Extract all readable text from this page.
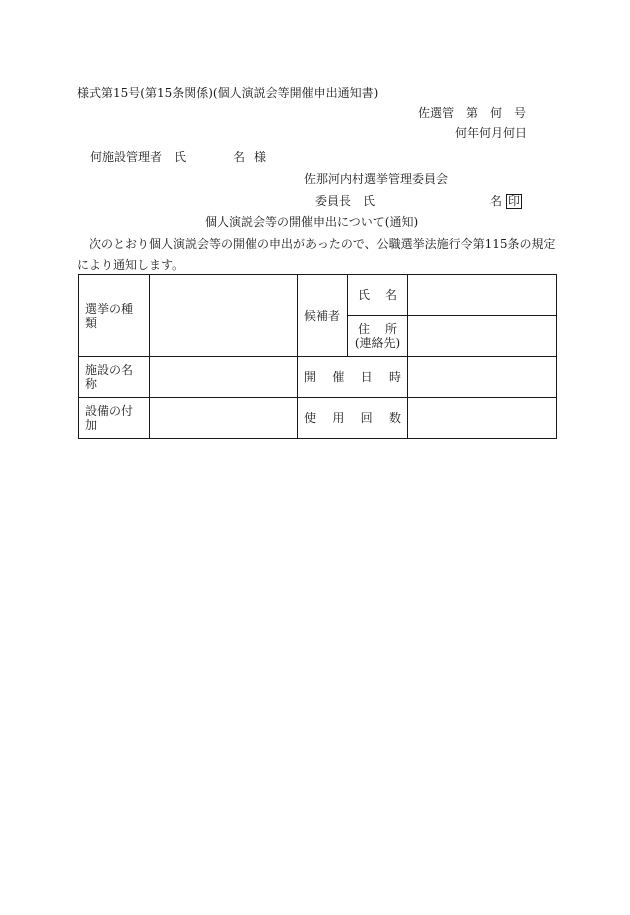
様式第15号(第15条関係)(個人演説会等開催申出通知書)
佐選管　第　何　号
何年何月何日
何施設管理者　氏	名 様
佐那河内村選挙管理委員会
委員長　氏	名 印
個人演説会等の開催申出について(通知)
次のとおり個人演説会等の開催の申出があったので、公職選挙法施行令第115条の規定
により通知します。
選挙の種類		候補者	氏 名	

			住 所
(連絡先)	

施設の名称		開 催 日 時		

設備の付加		使 用 回 数		
